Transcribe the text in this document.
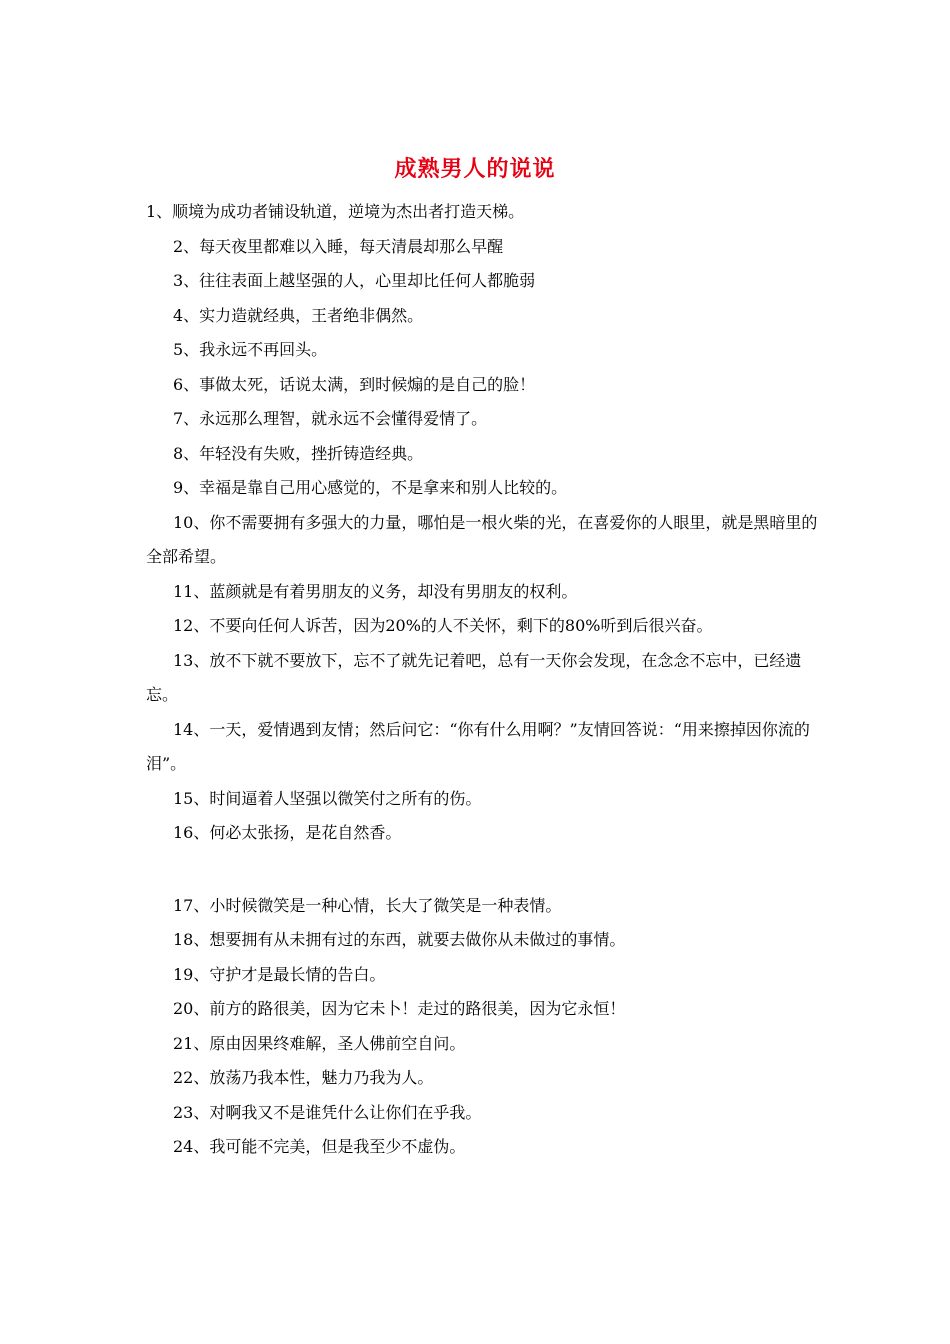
成熟男人的说说

1、顺境为成功者铺设轨道，逆境为杰出者打造天梯。

2、每天夜里都难以入睡，每天清晨却那么早醒

3、往往表面上越坚强的人，心里却比任何人都脆弱

4、实力造就经典，王者绝非偶然。

5、我永远不再回头。

6、事做太死，话说太满，到时候煽的是自己的脸！

7、永远那么理智，就永远不会懂得爱情了。

8、年轻没有失败，挫折铸造经典。

9、幸福是靠自己用心感觉的，不是拿来和别人比较的。

10、你不需要拥有多强大的力量，哪怕是一根火柴的光，在喜爱你的人眼里，就是黑暗里的全部希望。

11、蓝颜就是有着男朋友的义务，却没有男朋友的权利。

12、不要向任何人诉苦，因为20%的人不关怀，剩下的80%听到后很兴奋。

13、放不下就不要放下，忘不了就先记着吧，总有一天你会发现，在念念不忘中，已经遗忘。

14、一天，爱情遇到友情；然后问它：“你有什么用啊？”友情回答说：“用来擦掉因你流的泪”。

15、时间逼着人坚强以微笑付之所有的伤。

16、何必太张扬，是花自然香。

17、小时候微笑是一种心情，长大了微笑是一种表情。

18、想要拥有从未拥有过的东西，就要去做你从未做过的事情。

19、守护才是最长情的告白。

20、前方的路很美，因为它未卜！走过的路很美，因为它永恒！

21、原由因果终难解，圣人佛前空自问。

22、放荡乃我本性，魅力乃我为人。

23、对啊我又不是谁凭什么让你们在乎我。

24、我可能不完美，但是我至少不虚伪。
